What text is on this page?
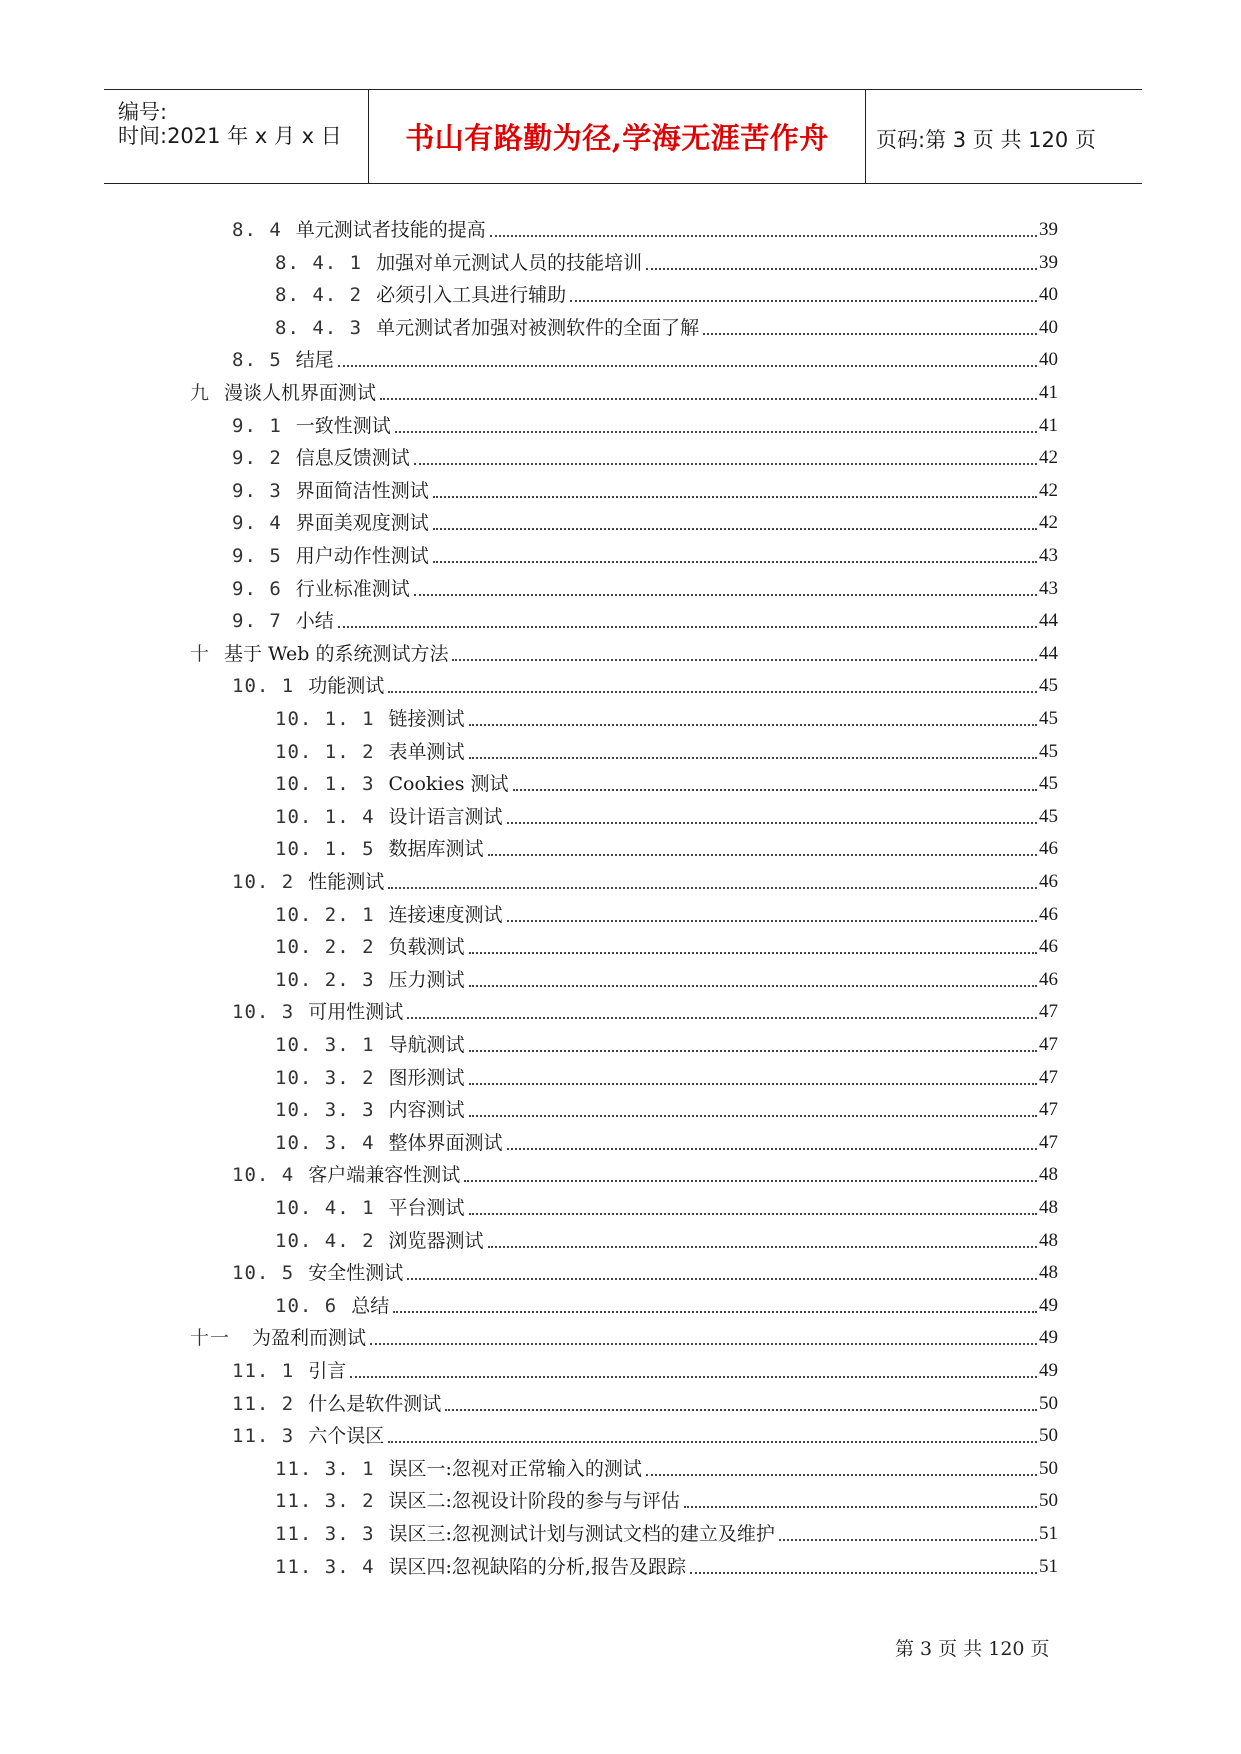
编号:
时间:2021 年 x 月 x 日	书山有路勤为径,学海无涯苦作舟	页码:第 3 页 共 120 页
8. 4 单元测试者技能的提高	39
8. 4. 1 加强对单元测试人员的技能培训	39
8. 4. 2 必须引入工具进行辅助	40
8. 4. 3 单元测试者加强对被测软件的全面了解	40
8. 5 结尾	40
九 漫谈人机界面测试	41
9. 1 一致性测试	41
9. 2 信息反馈测试	42
9. 3 界面简洁性测试	42
9. 4 界面美观度测试	42
9. 5 用户动作性测试	43
9. 6 行业标准测试	43
9. 7 小结	44
十 基于 Web 的系统测试方法	44
10. 1 功能测试	45
10. 1. 1 链接测试	45
10. 1. 2 表单测试	45
10. 1. 3 Cookies 测试	45
10. 1. 4 设计语言测试	45
10. 1. 5 数据库测试	46
10. 2 性能测试	46
10. 2. 1 连接速度测试	46
10. 2. 2 负载测试	46
10. 2. 3 压力测试	46
10. 3 可用性测试	47
10. 3. 1 导航测试	47
10. 3. 2 图形测试	47
10. 3. 3 内容测试	47
10. 3. 4 整体界面测试	47
10. 4 客户端兼容性测试	48
10. 4. 1 平台测试	48
10. 4. 2 浏览器测试	48
10. 5 安全性测试	48
10. 6 总结	49
十一 为盈利而测试	49
11. 1 引言	49
11. 2 什么是软件测试	50
11. 3 六个误区	50
11. 3. 1 误区一:忽视对正常输入的测试	50
11. 3. 2 误区二:忽视设计阶段的参与与评估	50
11. 3. 3 误区三:忽视测试计划与测试文档的建立及维护	51
11. 3. 4 误区四:忽视缺陷的分析,报告及跟踪	51
第 3 页 共 120 页
